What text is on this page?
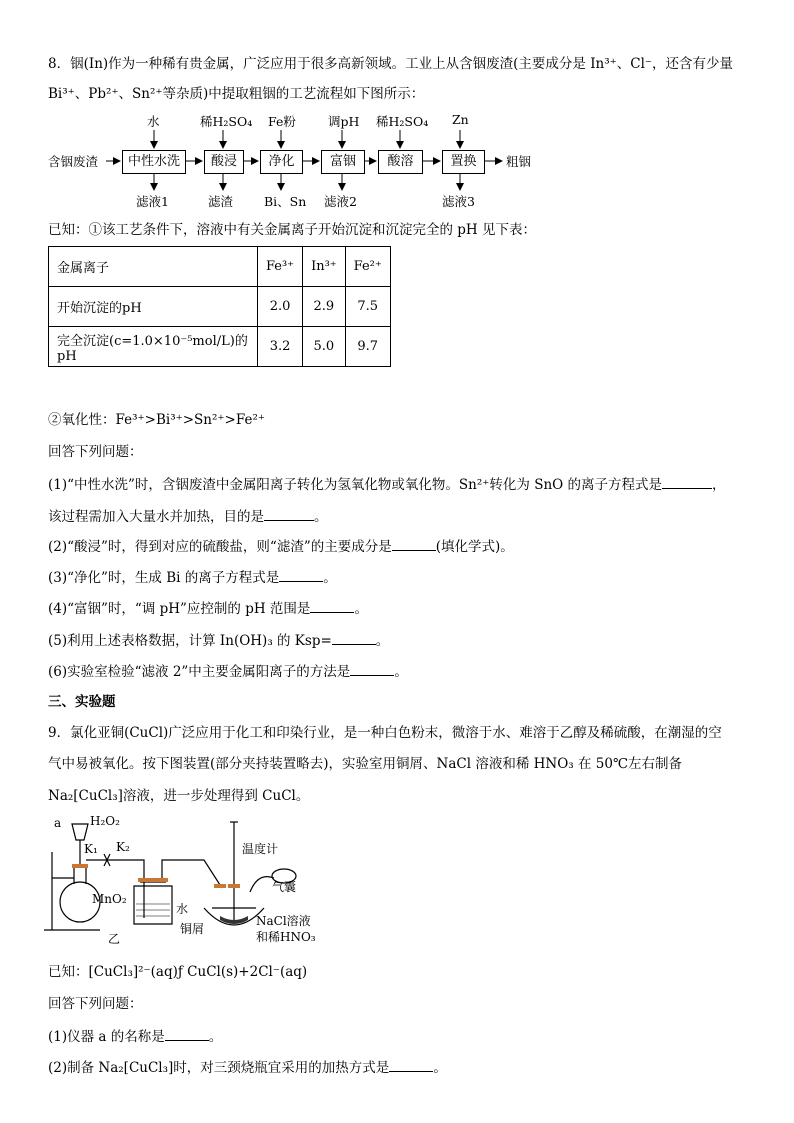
8．铟(In)作为一种稀有贵金属，广泛应用于很多高新领域。工业上从含铟废渣(主要成分是 In³⁺、Cl⁻，还含有少量
Bi³⁺、Pb²⁺、Sn²⁺等杂质)中提取粗铟的工艺流程如下图所示：
含铟废渣	粗铟
中性水洗	酸浸	净化	富铟	酸溶	置换
水	稀H₂SO₄ Fe粉	调pH 稀H₂SO₄ Zn
滤液1	滤渣 Bi、Sn 滤液2	滤液3
已知：①该工艺条件下，溶液中有关金属离子开始沉淀和沉淀完全的 pH 见下表：
金属离子	Fe³⁺	In³⁺	Fe²⁺
开始沉淀的pH	2.0	2.9	7.5
完全沉淀(c=1.0×10⁻⁵mol/L)的 pH	3.2	5.0	9.7
②氧化性：Fe³⁺>Bi³⁺>Sn²⁺>Fe²⁺
回答下列问题：
(1)“中性水洗”时，含铟废渣中金属阳离子转化为氢氧化物或氧化物。Sn²⁺转化为 SnO 的离子方程式是	，
该过程需加入大量水并加热，目的是	。
(2)“酸浸”时，得到对应的硫酸盐，则“滤渣”的主要成分是	(填化学式)。
(3)“净化”时，生成 Bi 的离子方程式是	。
(4)“富铟”时，“调 pH”应控制的 pH 范围是	。
(5)利用上述表格数据，计算 In(OH)₃ 的 Ksp=	。
(6)实验室检验“滤液 2”中主要金属阳离子的方法是	。
三、实验题
9．氯化亚铜(CuCl)广泛应用于化工和印染行业，是一种白色粉末，微溶于水、难溶于乙醇及稀硫酸，在潮湿的空
气中易被氧化。按下图装置(部分夹持装置略去)，实验室用铜屑、NaCl 溶液和稀 HNO₃ 在 50℃左右制备
Na₂[CuCl₃]溶液，进一步处理得到 CuCl。
a H₂O₂
K₁ K₂
MnO₂
水
乙
温度计
气囊
铜屑
NaCl溶液
和稀HNO₃
已知：[CuCl₃]²⁻(aq)ƒ CuCl(s)+2Cl⁻(aq)
回答下列问题：
(1)仪器 a 的名称是	。
(2)制备 Na₂[CuCl₃]时，对三颈烧瓶宜采用的加热方式是	。
